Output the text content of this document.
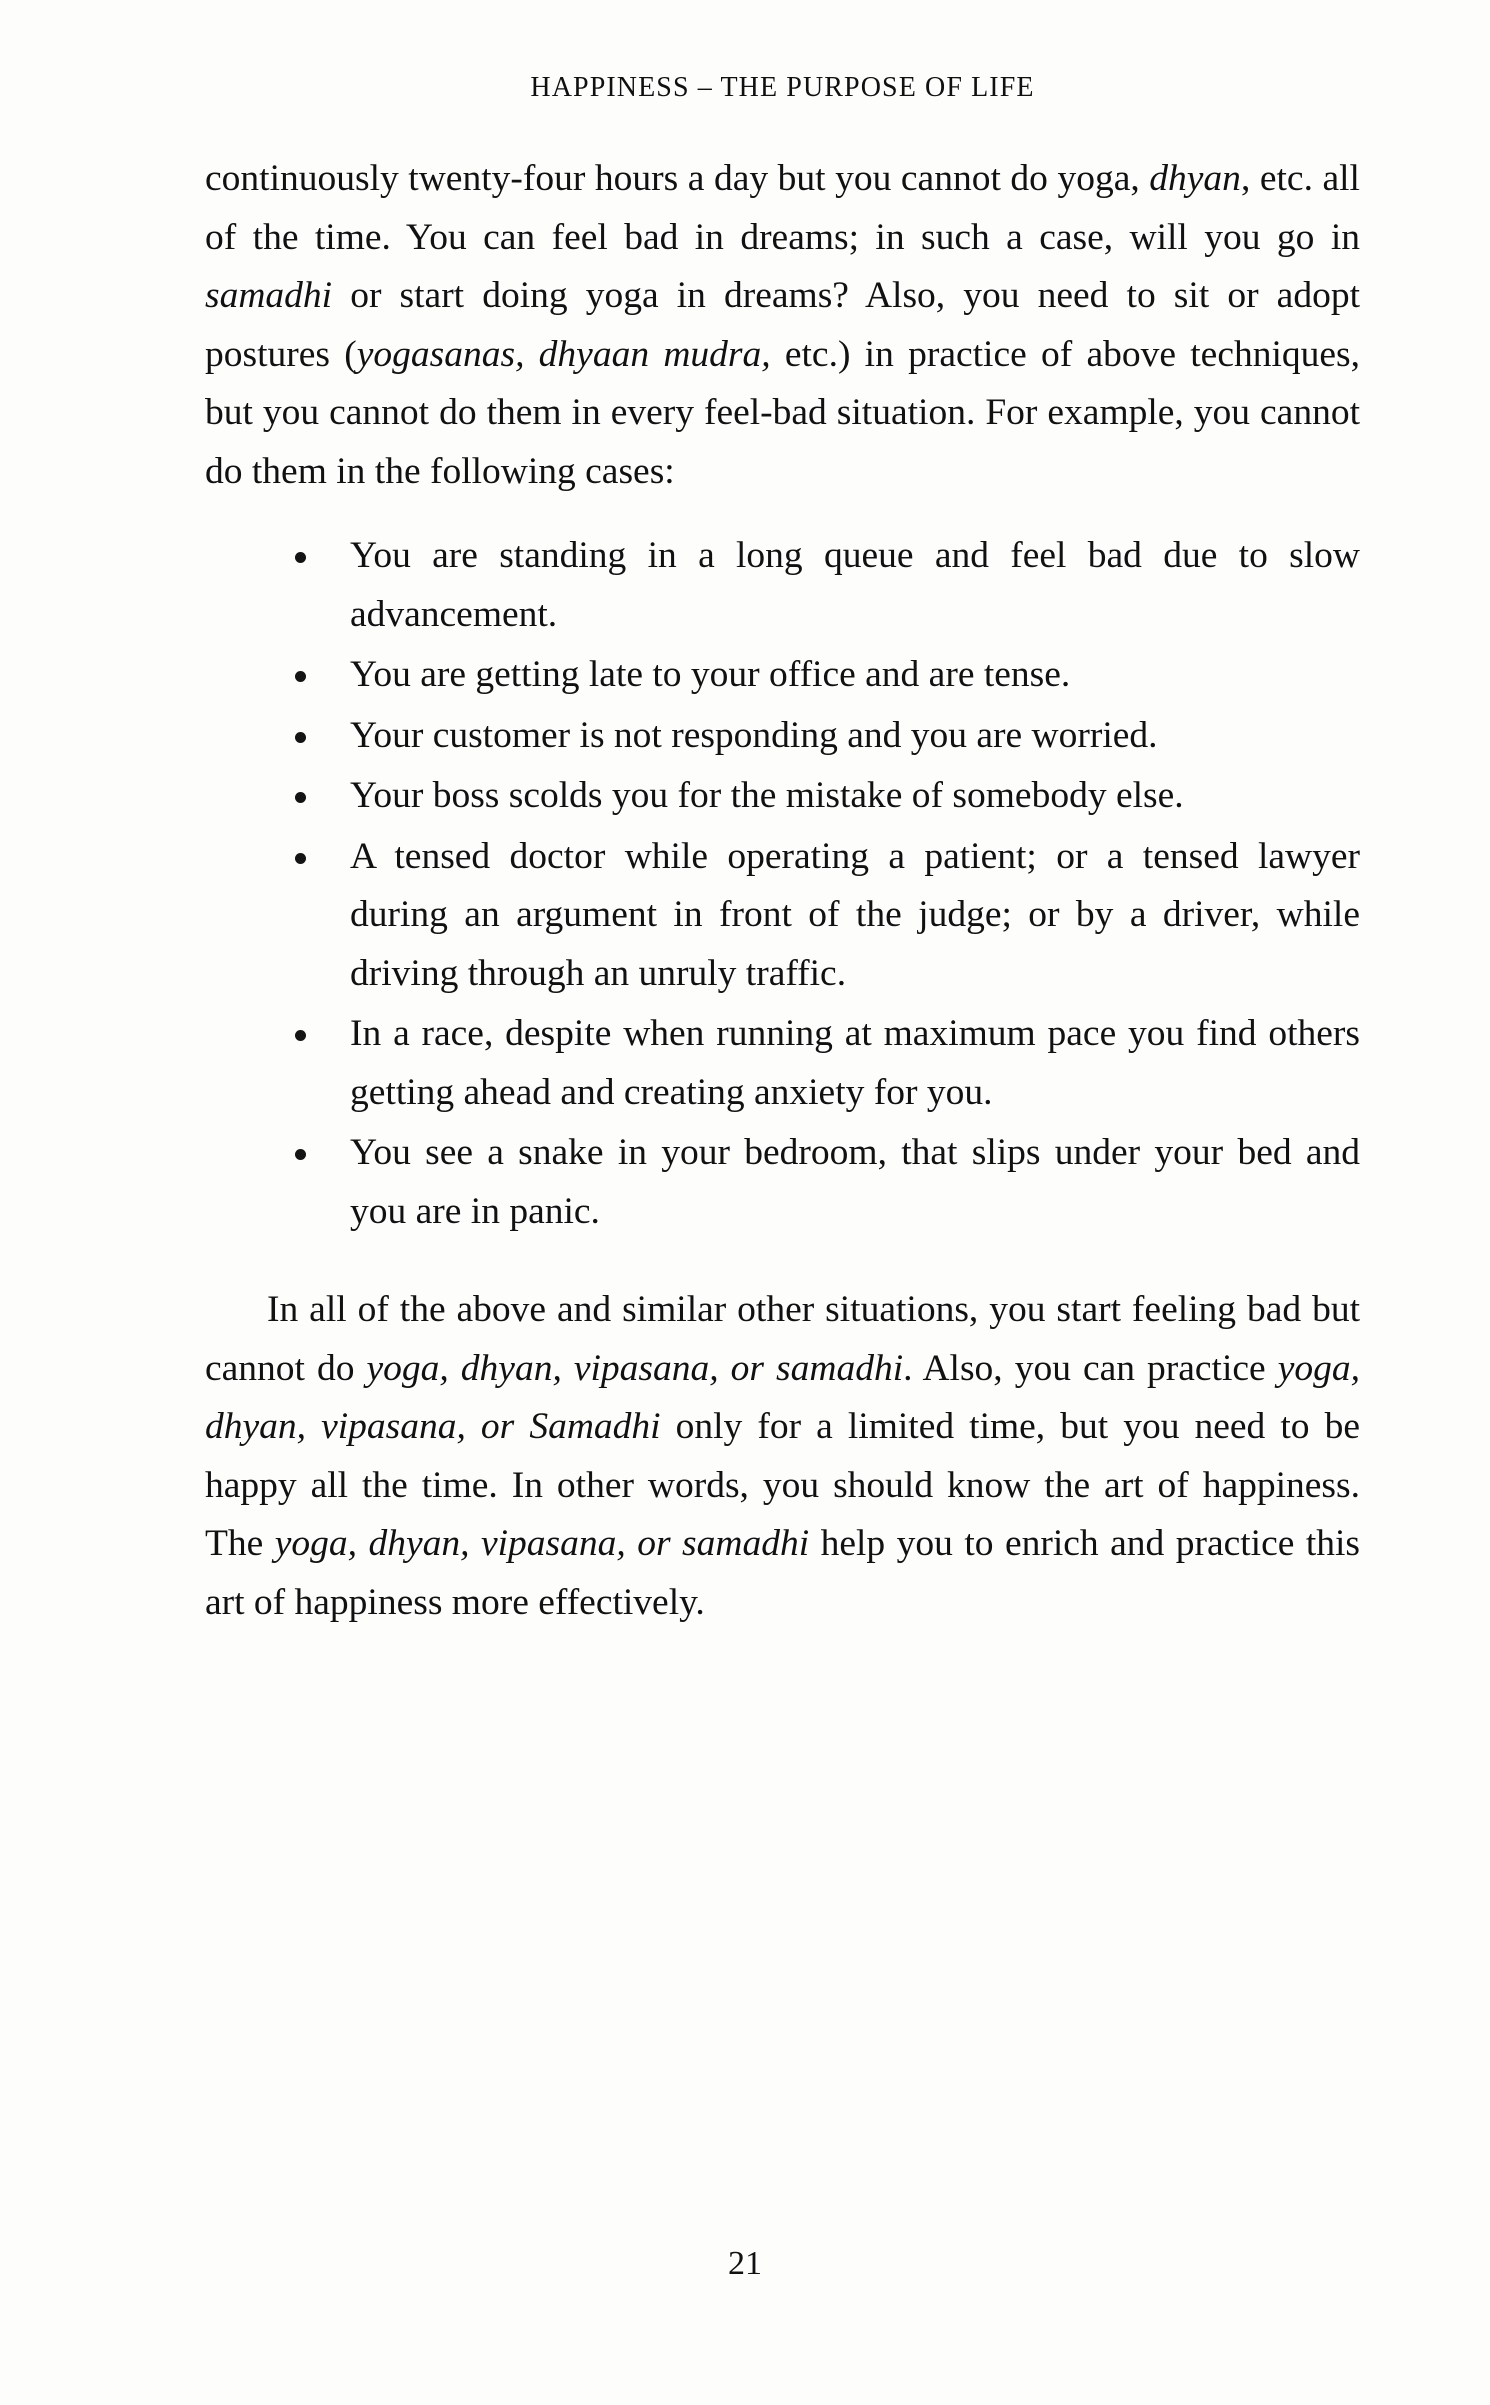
HAPPINESS – THE PURPOSE OF LIFE

continuously twenty-four hours a day but you cannot do yoga, dhyan, etc. all of the time. You can feel bad in dreams; in such a case, will you go in samadhi or start doing yoga in dreams? Also, you need to sit or adopt postures (yogasanas, dhyaan mudra, etc.) in practice of above techniques, but you cannot do them in every feel-bad situation. For example, you cannot do them in the following cases:

You are standing in a long queue and feel bad due to slow advancement.
You are getting late to your office and are tense.
Your customer is not responding and you are worried.
Your boss scolds you for the mistake of somebody else.
A tensed doctor while operating a patient; or a tensed lawyer during an argument in front of the judge; or by a driver, while driving through an unruly traffic.
In a race, despite when running at maximum pace you find others getting ahead and creating anxiety for you.
You see a snake in your bedroom, that slips under your bed and you are in panic.

In all of the above and similar other situations, you start feeling bad but cannot do yoga, dhyan, vipasana, or samadhi. Also, you can practice yoga, dhyan, vipasana, or Samadhi only for a limited time, but you need to be happy all the time. In other words, you should know the art of happiness. The yoga, dhyan, vipasana, or samadhi help you to enrich and practice this art of happiness more effectively.

21
